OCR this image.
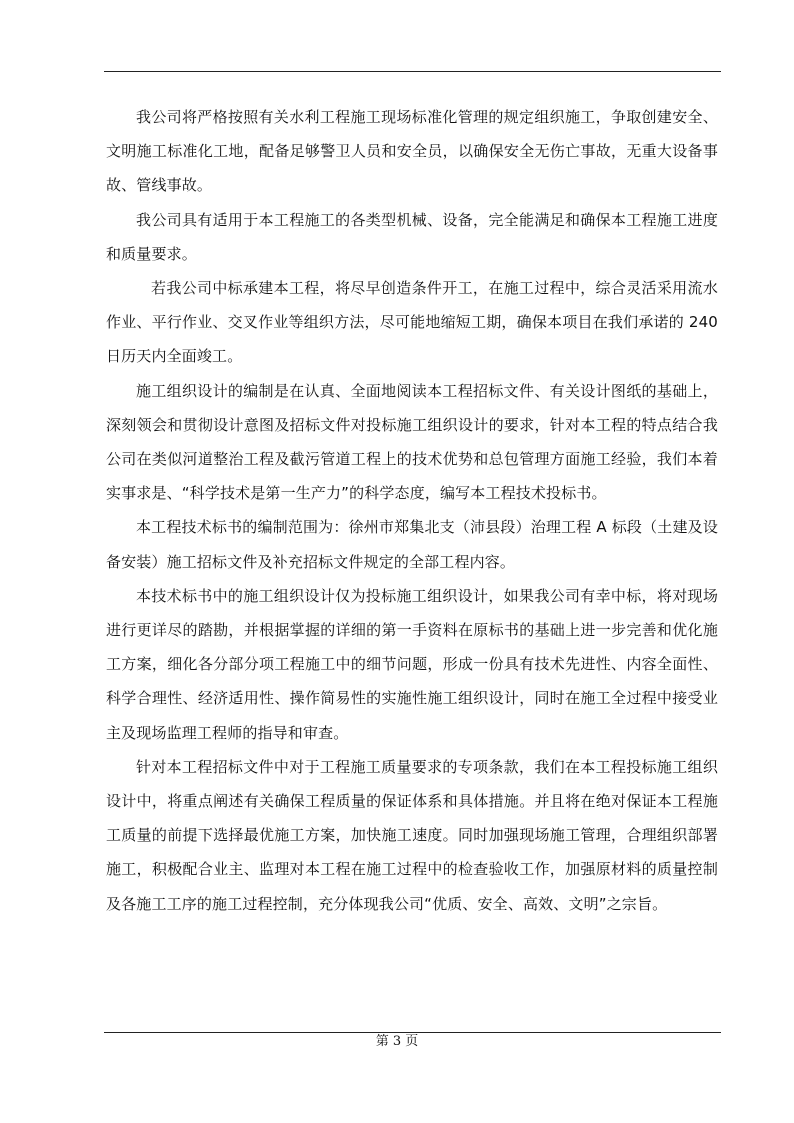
我公司将严格按照有关水利工程施工现场标准化管理的规定组织施工，争取创建安全、文明施工标准化工地，配备足够警卫人员和安全员，以确保安全无伤亡事故，无重大设备事故、管线事故。

我公司具有适用于本工程施工的各类型机械、设备，完全能满足和确保本工程施工进度和质量要求。

若我公司中标承建本工程，将尽早创造条件开工，在施工过程中，综合灵活采用流水作业、平行作业、交叉作业等组织方法，尽可能地缩短工期，确保本项目在我们承诺的 240 日历天内全面竣工。

施工组织设计的编制是在认真、全面地阅读本工程招标文件、有关设计图纸的基础上，深刻领会和贯彻设计意图及招标文件对投标施工组织设计的要求，针对本工程的特点结合我公司在类似河道整治工程及截污管道工程上的技术优势和总包管理方面施工经验，我们本着实事求是、“科学技术是第一生产力”的科学态度，编写本工程技术投标书。

本工程技术标书的编制范围为：徐州市郑集北支（沛县段）治理工程 A 标段（土建及设备安装）施工招标文件及补充招标文件规定的全部工程内容。

本技术标书中的施工组织设计仅为投标施工组织设计，如果我公司有幸中标，将对现场进行更详尽的踏勘，并根据掌握的详细的第一手资料在原标书的基础上进一步完善和优化施工方案，细化各分部分项工程施工中的细节问题，形成一份具有技术先进性、内容全面性、科学合理性、经济适用性、操作简易性的实施性施工组织设计，同时在施工全过程中接受业主及现场监理工程师的指导和审查。

针对本工程招标文件中对于工程施工质量要求的专项条款，我们在本工程投标施工组织设计中，将重点阐述有关确保工程质量的保证体系和具体措施。并且将在绝对保证本工程施工质量的前提下选择最优施工方案，加快施工速度。同时加强现场施工管理，合理组织部署施工，积极配合业主、监理对本工程在施工过程中的检查验收工作，加强原材料的质量控制及各施工工序的施工过程控制，充分体现我公司“优质、安全、高效、文明”之宗旨。

第 3 页
